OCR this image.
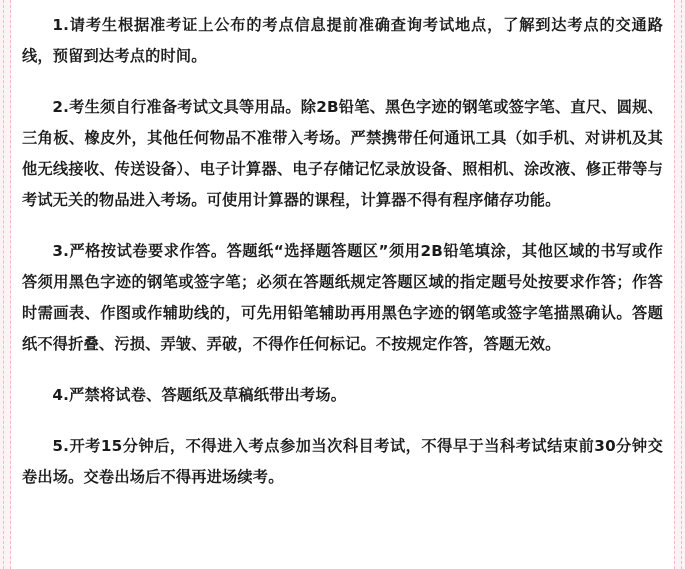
1.请考生根据准考证上公布的考点信息提前准确查询考试地点，了解到达考点的交通路线，预留到达考点的时间。

2.考生须自行准备考试文具等用品。除2B铅笔、黑色字迹的钢笔或签字笔、直尺、圆规、三角板、橡皮外，其他任何物品不准带入考场。严禁携带任何通讯工具（如手机、对讲机及其他无线接收、传送设备）、电子计算器、电子存储记忆录放设备、照相机、涂改液、修正带等与考试无关的物品进入考场。可使用计算器的课程，计算器不得有程序储存功能。

3.严格按试卷要求作答。答题纸“选择题答题区”须用2B铅笔填涂，其他区域的书写或作答须用黑色字迹的钢笔或签字笔；必须在答题纸规定答题区域的指定题号处按要求作答；作答时需画表、作图或作辅助线的，可先用铅笔辅助再用黑色字迹的钢笔或签字笔描黑确认。答题纸不得折叠、污损、弄皱、弄破，不得作任何标记。不按规定作答，答题无效。

4.严禁将试卷、答题纸及草稿纸带出考场。

5.开考15分钟后，不得进入考点参加当次科目考试，不得早于当科考试结束前30分钟交卷出场。交卷出场后不得再进场续考。
